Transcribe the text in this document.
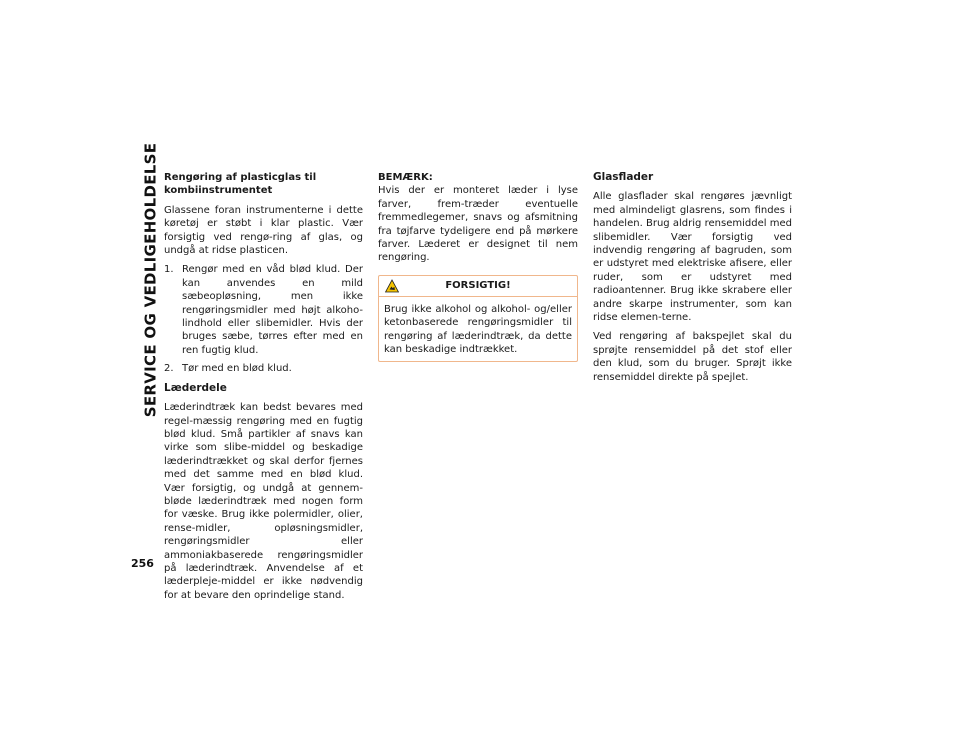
SERVICE OG VEDLIGEHOLDELSE
256
Rengøring af plasticglas til
kombiinstrumentet

Glassene foran instrumenterne i dette køretøj er støbt i klar plastic. Vær forsigtig ved rengø-ring af glas, og undgå at ridse plasticen.

1. Rengør med en våd blød klud. Der kan anvendes en mild sæbeopløsning, men ikke rengøringsmidler med højt alkoho-lindhold eller slibemidler. Hvis der bruges sæbe, tørres efter med en ren fugtig klud.
2. Tør med en blød klud.
Læderdele

Læderindtræk kan bedst bevares med regel-mæssig rengøring med en fugtig blød klud. Små partikler af snavs kan virke som slibe-middel og beskadige læderindtrækket og skal derfor fjernes med det samme med en blød klud. Vær forsigtig, og undgå at gennem-bløde læderindtræk med nogen form for væske. Brug ikke polermidler, olier, rense-midler, opløsningsmidler, rengøringsmidler eller ammoniakbaserede rengøringsmidler på læderindtræk. Anvendelse af et læderpleje-middel er ikke nødvendig for at bevare den oprindelige stand.

BEMÆRK:

Hvis der er monteret læder i lyse farver, frem-træder eventuelle fremmedlegemer, snavs og afsmitning fra tøjfarve tydeligere end på mørkere farver. Læderet er designet til nem rengøring.

FORSIGTIG!
Brug ikke alkohol og alkohol- og/eller ketonbaserede rengøringsmidler til rengøring af læderindtræk, da dette kan beskadige indtrækket.
Glasflader

Alle glasflader skal rengøres jævnligt med almindeligt glasrens, som findes i handelen. Brug aldrig rensemiddel med slibemidler. Vær forsigtig ved indvendig rengøring af bagruden, som er udstyret med elektriske afisere, eller ruder, som er udstyret med radioantenner. Brug ikke skrabere eller andre skarpe instrumenter, som kan ridse elemen-terne.

Ved rengøring af bakspejlet skal du sprøjte rensemiddel på det stof eller den klud, som du bruger. Sprøjt ikke rensemiddel direkte på spejlet.
